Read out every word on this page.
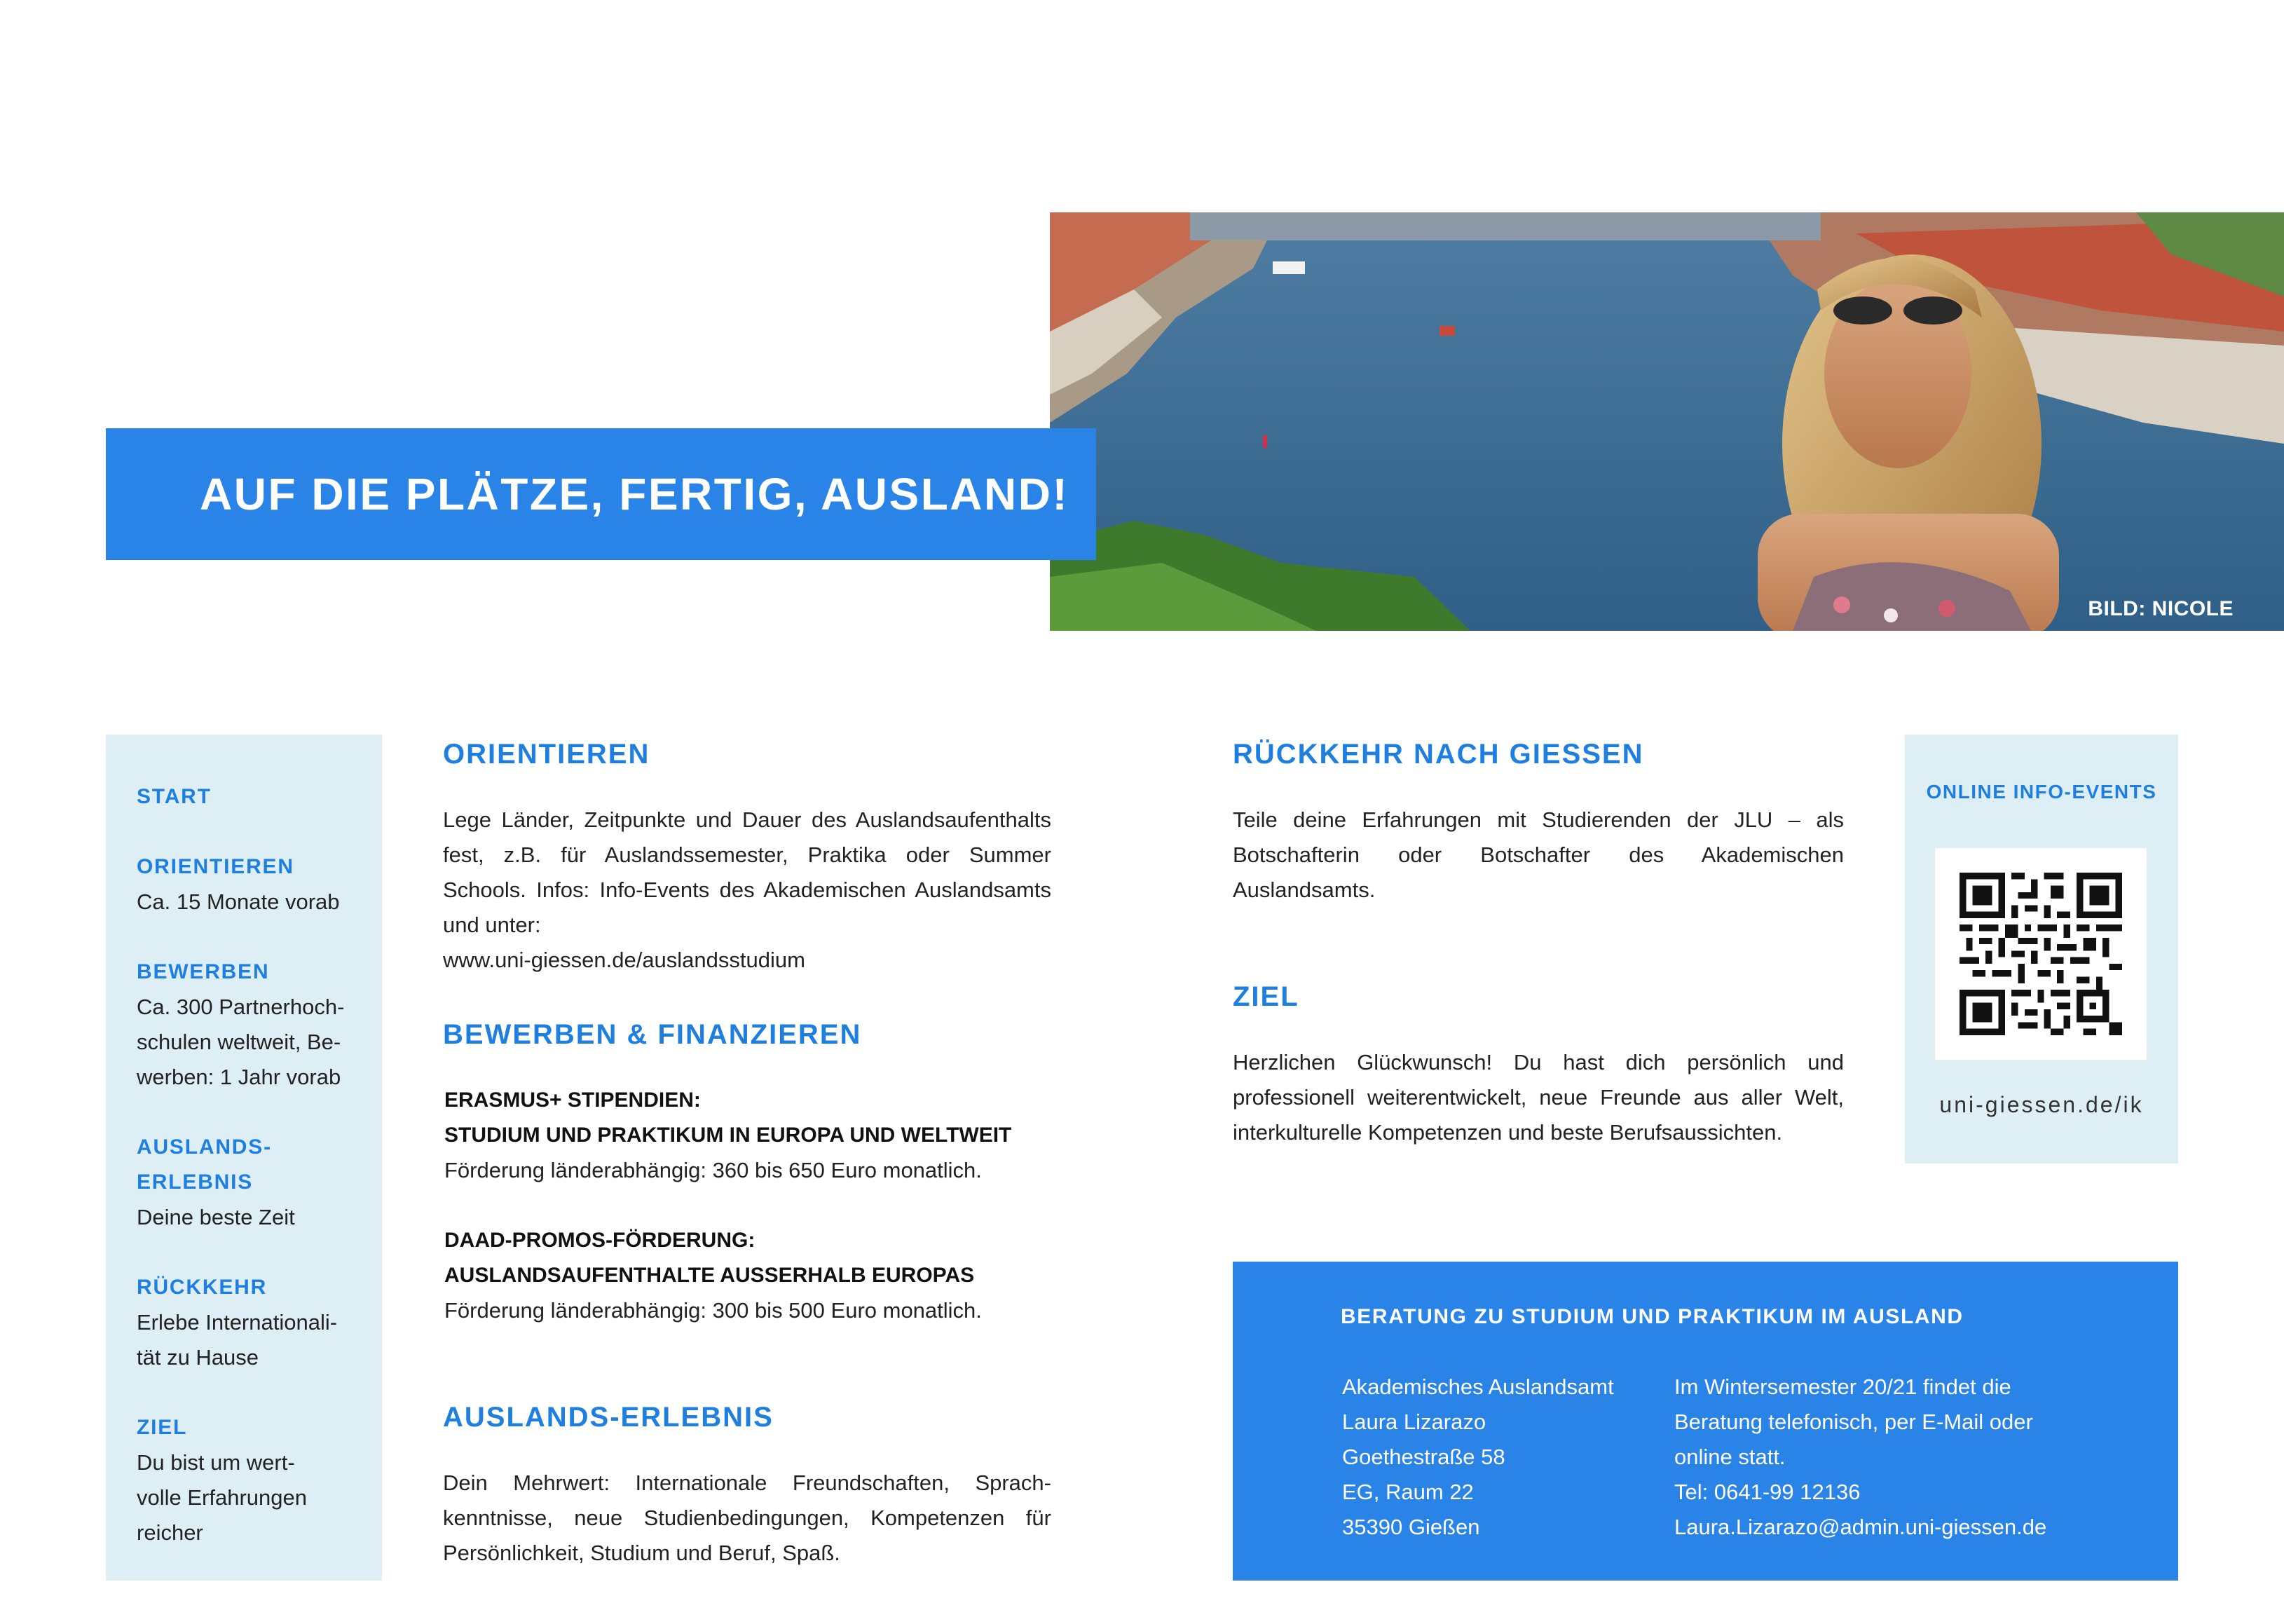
BILD: NICOLE
AUF DIE PLÄTZE, FERTIG, AUSLAND!
START
ORIENTIEREN
Ca. 15 Monate vorab
BEWERBEN
Ca. 300 Partnerhoch-
schulen weltweit, Be-
werben: 1 Jahr vorab
AUSLANDS-
ERLEBNIS
Deine beste Zeit
RÜCKKEHR
Erlebe Internationali-
tät zu Hause
ZIEL
Du bist um wert-
volle Erfahrungen
reicher
ORIENTIEREN
Lege Länder, Zeitpunkte und Dauer des Auslandsaufenthalts fest, z.B. für Auslandssemester, Praktika oder Summer Schools. Infos: Info-Events des Akademischen Auslandsamts und unter:
www.uni-giessen.de/auslandsstudium
BEWERBEN & FINANZIEREN
ERASMUS+ STIPENDIEN:
STUDIUM UND PRAKTIKUM IN EUROPA UND WELTWEIT
Förderung länderabhängig: 360 bis 650 Euro monatlich.
DAAD-PROMOS-FÖRDERUNG:
AUSLANDSAUFENTHALTE AUSSERHALB EUROPAS
Förderung länderabhängig: 300 bis 500 Euro monatlich.
AUSLANDS-ERLEBNIS
Dein Mehrwert: Internationale Freundschaften, Sprach-kenntnisse, neue Studienbedingungen, Kompetenzen für Persönlichkeit, Studium und Beruf, Spaß.
RÜCKKEHR NACH GIESSEN
Teile deine Erfahrungen mit Studierenden der JLU – als Botschafterin oder Botschafter des Akademischen Auslandsamts.
ZIEL
Herzlichen Glückwunsch! Du hast dich persönlich und professionell weiterentwickelt, neue Freunde aus aller Welt, interkulturelle Kompetenzen und beste Berufsaussichten.
ONLINE INFO-EVENTS
uni-giessen.de/ik
BERATUNG ZU STUDIUM UND PRAKTIKUM IM AUSLAND
Akademisches Auslandsamt
Laura Lizarazo
Goethestraße 58
EG, Raum 22
35390 Gießen
Im Wintersemester 20/21 findet die
Beratung telefonisch, per E-Mail oder
online statt.
Tel: 0641-99 12136
Laura.Lizarazo@admin.uni-giessen.de
